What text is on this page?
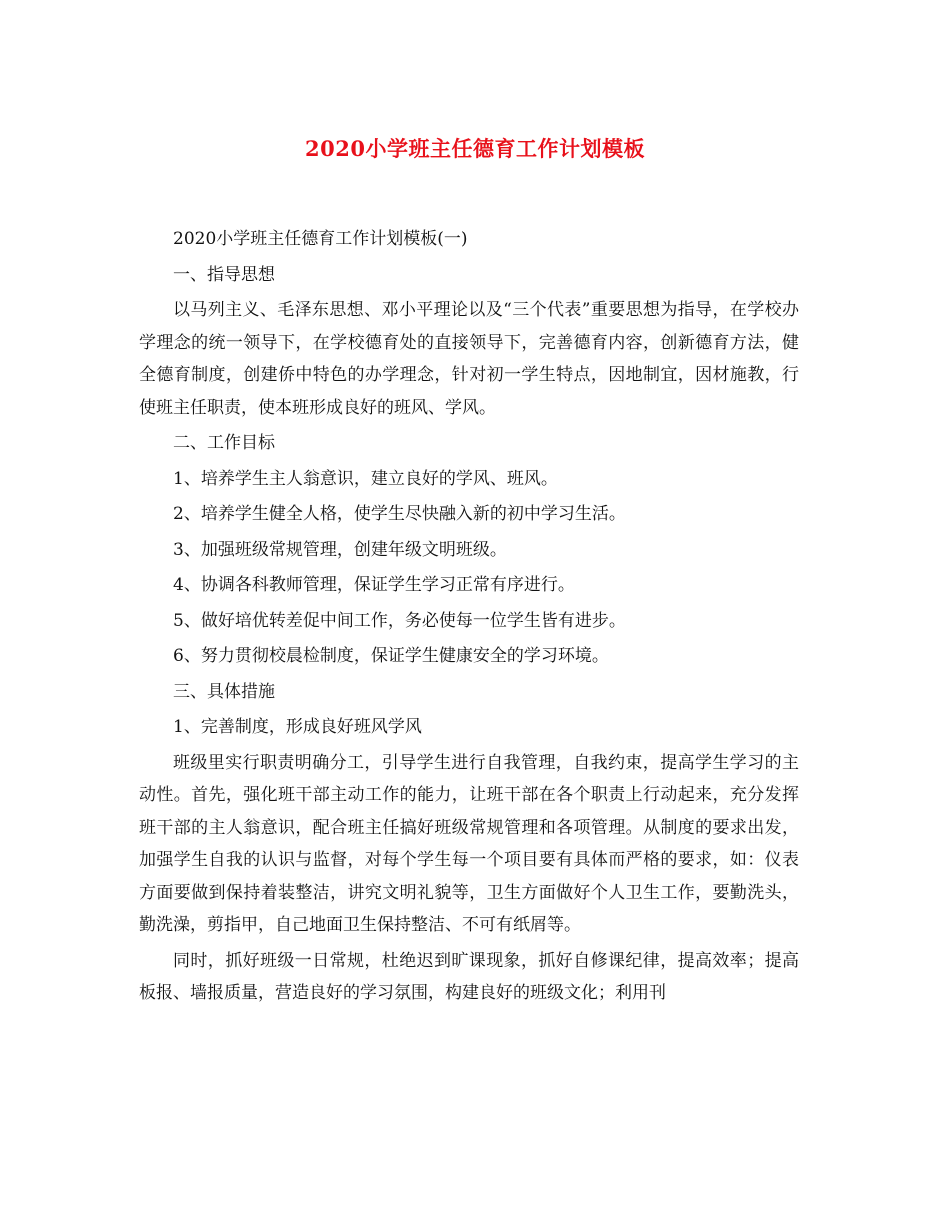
2020小学班主任德育工作计划模板

2020小学班主任德育工作计划模板(一)

一、指导思想

以马列主义、毛泽东思想、邓小平理论以及“三个代表”重要思想为指导，在学校办学理念的统一领导下，在学校德育处的直接领导下，完善德育内容，创新德育方法，健全德育制度，创建侨中特色的办学理念，针对初一学生特点，因地制宜，因材施教，行使班主任职责，使本班形成良好的班风、学风。

二、工作目标

1、培养学生主人翁意识，建立良好的学风、班风。

2、培养学生健全人格，使学生尽快融入新的初中学习生活。

3、加强班级常规管理，创建年级文明班级。

4、协调各科教师管理，保证学生学习正常有序进行。

5、做好培优转差促中间工作，务必使每一位学生皆有进步。

6、努力贯彻校晨检制度，保证学生健康安全的学习环境。

三、具体措施

1、完善制度，形成良好班风学风

班级里实行职责明确分工，引导学生进行自我管理，自我约束，提高学生学习的主动性。首先，强化班干部主动工作的能力，让班干部在各个职责上行动起来，充分发挥班干部的主人翁意识，配合班主任搞好班级常规管理和各项管理。从制度的要求出发，加强学生自我的认识与监督，对每个学生每一个项目要有具体而严格的要求，如：仪表方面要做到保持着装整洁，讲究文明礼貌等，卫生方面做好个人卫生工作，要勤洗头，勤洗澡，剪指甲，自己地面卫生保持整洁、不可有纸屑等。

同时，抓好班级一日常规，杜绝迟到旷课现象，抓好自修课纪律，提高效率；提高板报、墙报质量，营造良好的学习氛围，构建良好的班级文化；利用刊
